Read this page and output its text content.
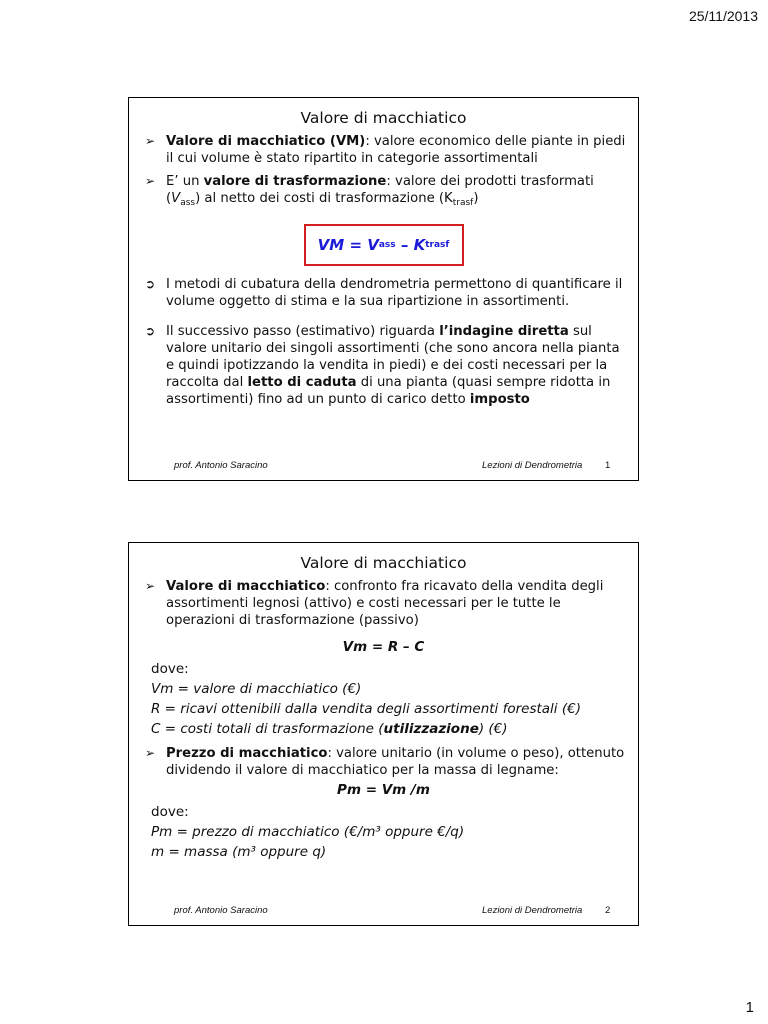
25/11/2013
Valore di macchiatico
➢ Valore di macchiatico (VM): valore economico delle piante in piedi il cui volume è stato ripartito in categorie assortimentali
➢ E’ un valore di trasformazione: valore dei prodotti trasformati $(V_{ass})$ al netto dei costi di trasformazione $(K_{trasf})$
VM = V ass – K trasf
➲ I metodi di cubatura della dendrometria permettono di quantificare il volume oggetto di stima e la sua ripartizione in assortimenti.
➲ Il successivo passo (estimativo) riguarda l’indagine diretta sul valore unitario dei singoli assortimenti (che sono ancora nella pianta e quindi ipotizzando la vendita in piedi) e dei costi necessari per la raccolta dal letto di caduta di una pianta (quasi sempre ridotta in assortimenti) fino ad un punto di carico detto imposto
prof. Antonio Saracino	Lezioni di Dendrometria 1
Valore di macchiatico
➢ Valore di macchiatico: confronto fra ricavato della vendita degli assortimenti legnosi (attivo) e costi necessari per le tutte le operazioni di trasformazione (passivo)
Vm = R – C
dove:
Vm = valore di macchiatico (€)
R = ricavi ottenibili dalla vendita degli assortimenti forestali (€)
C = costi totali di trasformazione (utilizzazione) (€)
➢ Prezzo di macchiatico: valore unitario (in volume o peso), ottenuto dividendo il valore di macchiatico per la massa di legname:
Pm = Vm /m
dove:
Pm = prezzo di macchiatico (€/m³ oppure €/q)
m = massa (m³ oppure q)
prof. Antonio Saracino	Lezioni di Dendrometria 2
1
